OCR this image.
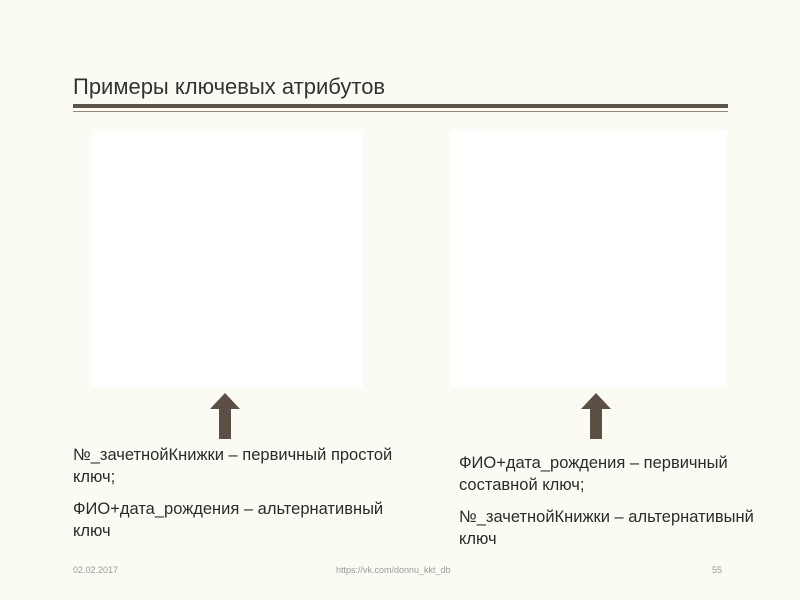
Примеры ключевых атрибутов

№_зачетнойКнижки – первичный простой ключ;

ФИО+дата_рождения – альтернативный ключ

ФИО+дата_рождения – первичный составной ключ;

№_зачетнойКнижки – альтернативынй ключ

02.02.2017	https://vk.com/donnu_kkt_db	55
